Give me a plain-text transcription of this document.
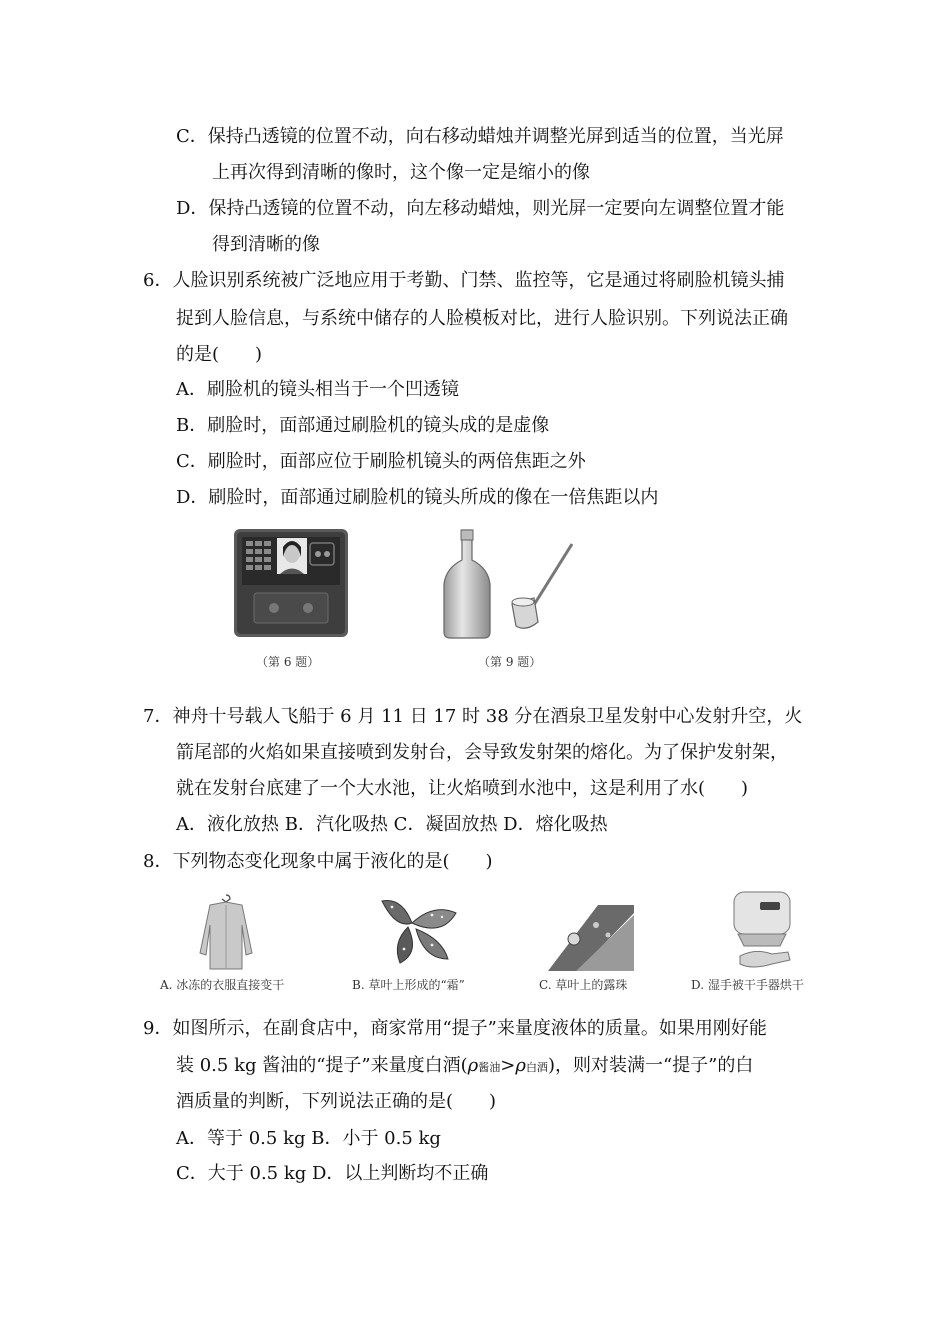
C．保持凸透镜的位置不动，向右移动蜡烛并调整光屏到适当的位置，当光屏
上再次得到清晰的像时，这个像一定是缩小的像
D．保持凸透镜的位置不动，向左移动蜡烛，则光屏一定要向左调整位置才能
得到清晰的像
6．人脸识别系统被广泛地应用于考勤、门禁、监控等，它是通过将刷脸机镜头捕
捉到人脸信息，与系统中储存的人脸模板对比，进行人脸识别。下列说法正确
的是(　　)
A．刷脸机的镜头相当于一个凹透镜
B．刷脸时，面部通过刷脸机的镜头成的是虚像
C．刷脸时，面部应位于刷脸机镜头的两倍焦距之外
D．刷脸时，面部通过刷脸机的镜头所成的像在一倍焦距以内
（第 6 题）	（第 9 题）
7．神舟十号载人飞船于 6 月 11 日 17 时 38 分在酒泉卫星发射中心发射升空，火
箭尾部的火焰如果直接喷到发射台，会导致发射架的熔化。为了保护发射架，
就在发射台底建了一个大水池，让火焰喷到水池中，这是利用了水(　　)
A．液化放热 B．汽化吸热 C．凝固放热 D．熔化吸热
8．下列物态变化现象中属于液化的是(　　)
A. 冰冻的衣服直接变干	B. 草叶上形成的“霜”	C. 草叶上的露珠	D. 湿手被干手器烘干
9．如图所示，在副食店中，商家常用“提子”来量度液体的质量。如果用刚好能
装 0.5 kg 酱油的“提子”来量度白酒(ρ酱油>ρ白酒)，则对装满一“提子”的白
酒质量的判断，下列说法正确的是(　　)
A．等于 0.5 kg B．小于 0.5 kg
C．大于 0.5 kg D．以上判断均不正确
